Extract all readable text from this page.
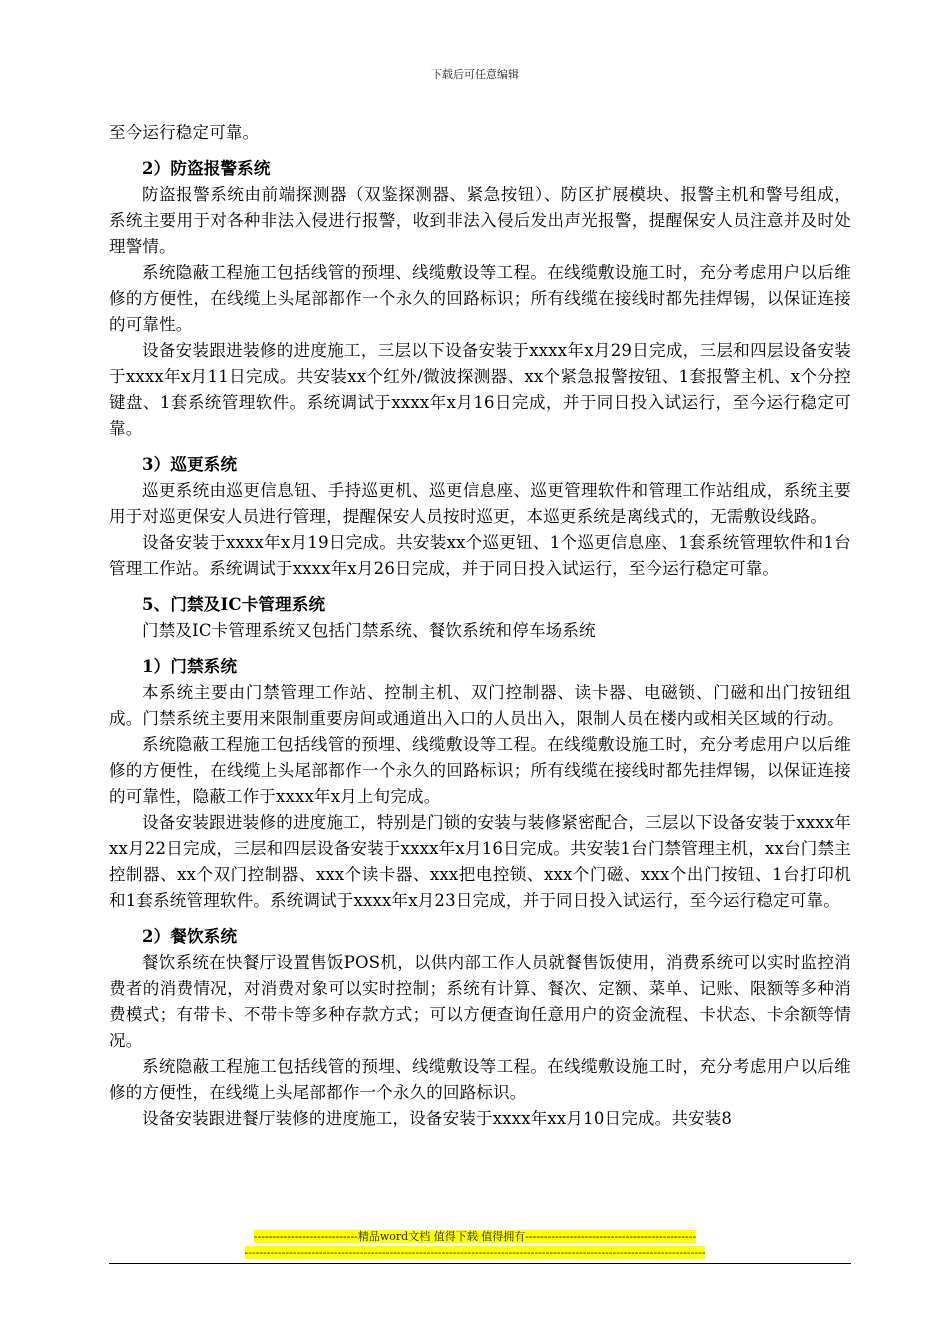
下载后可任意编辑

至今运行稳定可靠。

2）防盗报警系统

防盗报警系统由前端探测器（双鉴探测器、紧急按钮）、防区扩展模块、报警主机和警号组成，系统主要用于对各种非法入侵进行报警，收到非法入侵后发出声光报警，提醒保安人员注意并及时处理警情。

系统隐蔽工程施工包括线管的预埋、线缆敷设等工程。在线缆敷设施工时，充分考虑用户以后维修的方便性，在线缆上头尾部都作一个永久的回路标识；所有线缆在接线时都先挂焊锡，以保证连接的可靠性。

设备安装跟进装修的进度施工，三层以下设备安装于xxxx年x月29日完成，三层和四层设备安装于xxxx年x月11日完成。共安装xx个红外/微波探测器、xx个紧急报警按钮、1套报警主机、x个分控键盘、1套系统管理软件。系统调试于xxxx年x月16日完成，并于同日投入试运行，至今运行稳定可靠。

3）巡更系统

巡更系统由巡更信息钮、手持巡更机、巡更信息座、巡更管理软件和管理工作站组成，系统主要用于对巡更保安人员进行管理，提醒保安人员按时巡更，本巡更系统是离线式的，无需敷设线路。

设备安装于xxxx年x月19日完成。共安装xx个巡更钮、1个巡更信息座、1套系统管理软件和1台管理工作站。系统调试于xxxx年x月26日完成，并于同日投入试运行，至今运行稳定可靠。

5、门禁及IC卡管理系统

门禁及IC卡管理系统又包括门禁系统、餐饮系统和停车场系统

1）门禁系统

本系统主要由门禁管理工作站、控制主机、双门控制器、读卡器、电磁锁、门磁和出门按钮组成。门禁系统主要用来限制重要房间或通道出入口的人员出入，限制人员在楼内或相关区域的行动。

系统隐蔽工程施工包括线管的预埋、线缆敷设等工程。在线缆敷设施工时，充分考虑用户以后维修的方便性，在线缆上头尾部都作一个永久的回路标识；所有线缆在接线时都先挂焊锡，以保证连接的可靠性，隐蔽工作于xxxx年x月上旬完成。

设备安装跟进装修的进度施工，特别是门锁的安装与装修紧密配合，三层以下设备安装于xxxx年xx月22日完成，三层和四层设备安装于xxxx年x月16日完成。共安装1台门禁管理主机，xx台门禁主控制器、xx个双门控制器、xxx个读卡器、xxx把电控锁、xxx个门磁、xxx个出门按钮、1台打印机和1套系统管理软件。系统调试于xxxx年x月23日完成，并于同日投入试运行，至今运行稳定可靠。

2）餐饮系统

餐饮系统在快餐厅设置售饭POS机，以供内部工作人员就餐售饭使用，消费系统可以实时监控消费者的消费情况，对消费对象可以实时控制；系统有计算、餐次、定额、菜单、记账、限额等多种消费模式；有带卡、不带卡等多种存款方式；可以方便查询任意用户的资金流程、卡状态、卡余额等情况。

系统隐蔽工程施工包括线管的预埋、线缆敷设等工程。在线缆敷设施工时，充分考虑用户以后维修的方便性，在线缆上头尾部都作一个永久的回路标识。

设备安装跟进餐厅装修的进度施工，设备安装于xxxx年xx月10日完成。共安装8

----------------------------精品word文档 值得下载 值得拥有----------------------------------------------
----------------------------------------------------------------------------------------------------------------------------
